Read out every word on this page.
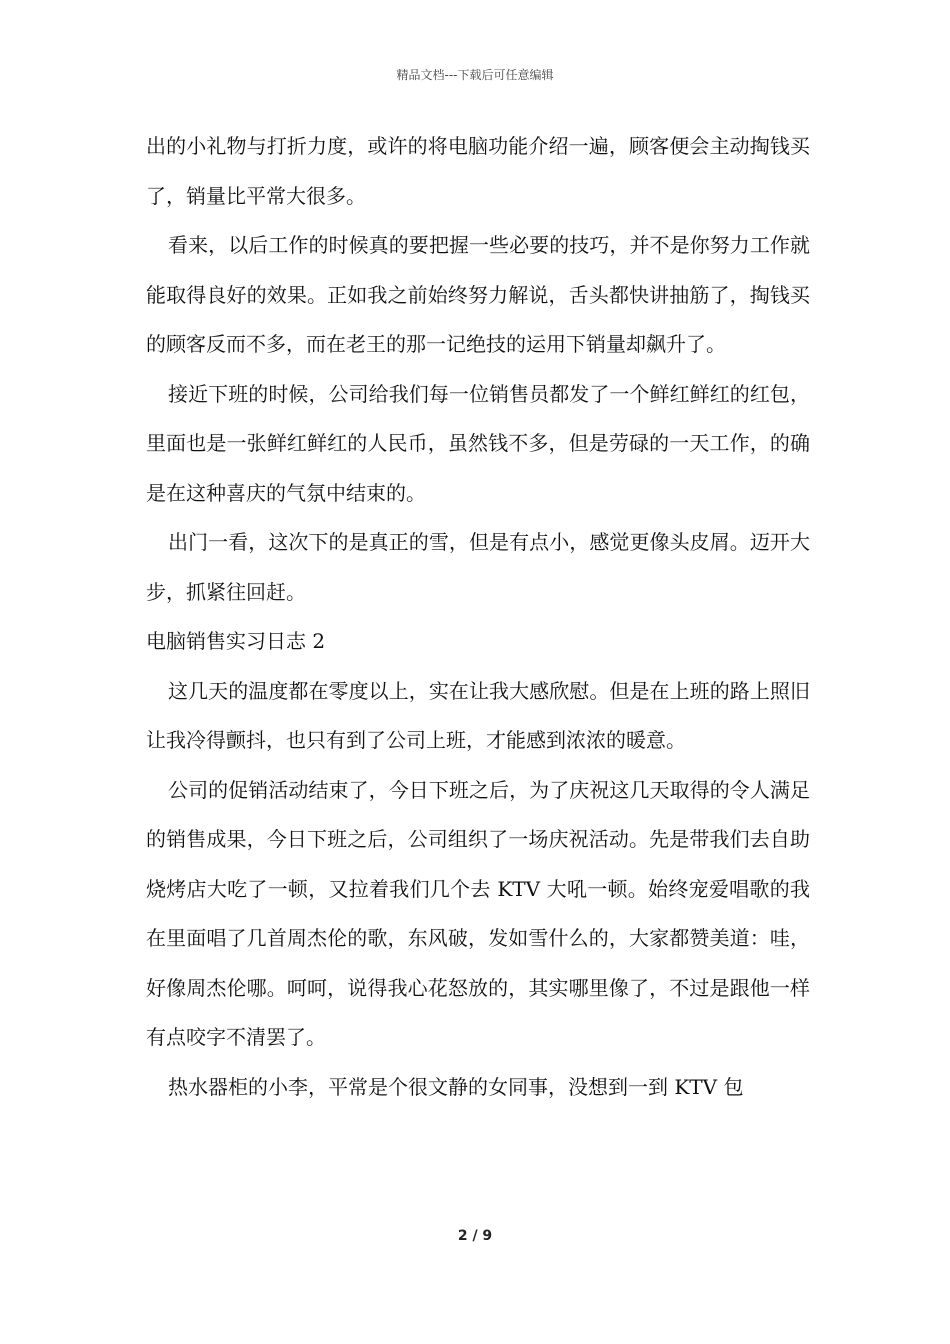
精品文档---下载后可任意编辑

出的小礼物与打折力度，或许的将电脑功能介绍一遍，顾客便会主动掏钱买了，销量比平常大很多。

看来，以后工作的时候真的要把握一些必要的技巧，并不是你努力工作就能取得良好的效果。正如我之前始终努力解说，舌头都快讲抽筋了，掏钱买的顾客反而不多，而在老王的那一记绝技的运用下销量却飙升了。

接近下班的时候，公司给我们每一位销售员都发了一个鲜红鲜红的红包，里面也是一张鲜红鲜红的人民币，虽然钱不多，但是劳碌的一天工作，的确是在这种喜庆的气氛中结束的。

出门一看，这次下的是真正的雪，但是有点小，感觉更像头皮屑。迈开大步，抓紧往回赶。

电脑销售实习日志 2

这几天的温度都在零度以上，实在让我大感欣慰。但是在上班的路上照旧让我冷得颤抖，也只有到了公司上班，才能感到浓浓的暖意。

公司的促销活动结束了，今日下班之后，为了庆祝这几天取得的令人满足的销售成果，今日下班之后，公司组织了一场庆祝活动。先是带我们去自助烧烤店大吃了一顿，又拉着我们几个去 KTV 大吼一顿。始终宠爱唱歌的我在里面唱了几首周杰伦的歌，东风破，发如雪什么的，大家都赞美道：哇，好像周杰伦哪。呵呵，说得我心花怒放的，其实哪里像了，不过是跟他一样有点咬字不清罢了。

热水器柜的小李，平常是个很文静的女同事，没想到一到 KTV 包

2 / 9
